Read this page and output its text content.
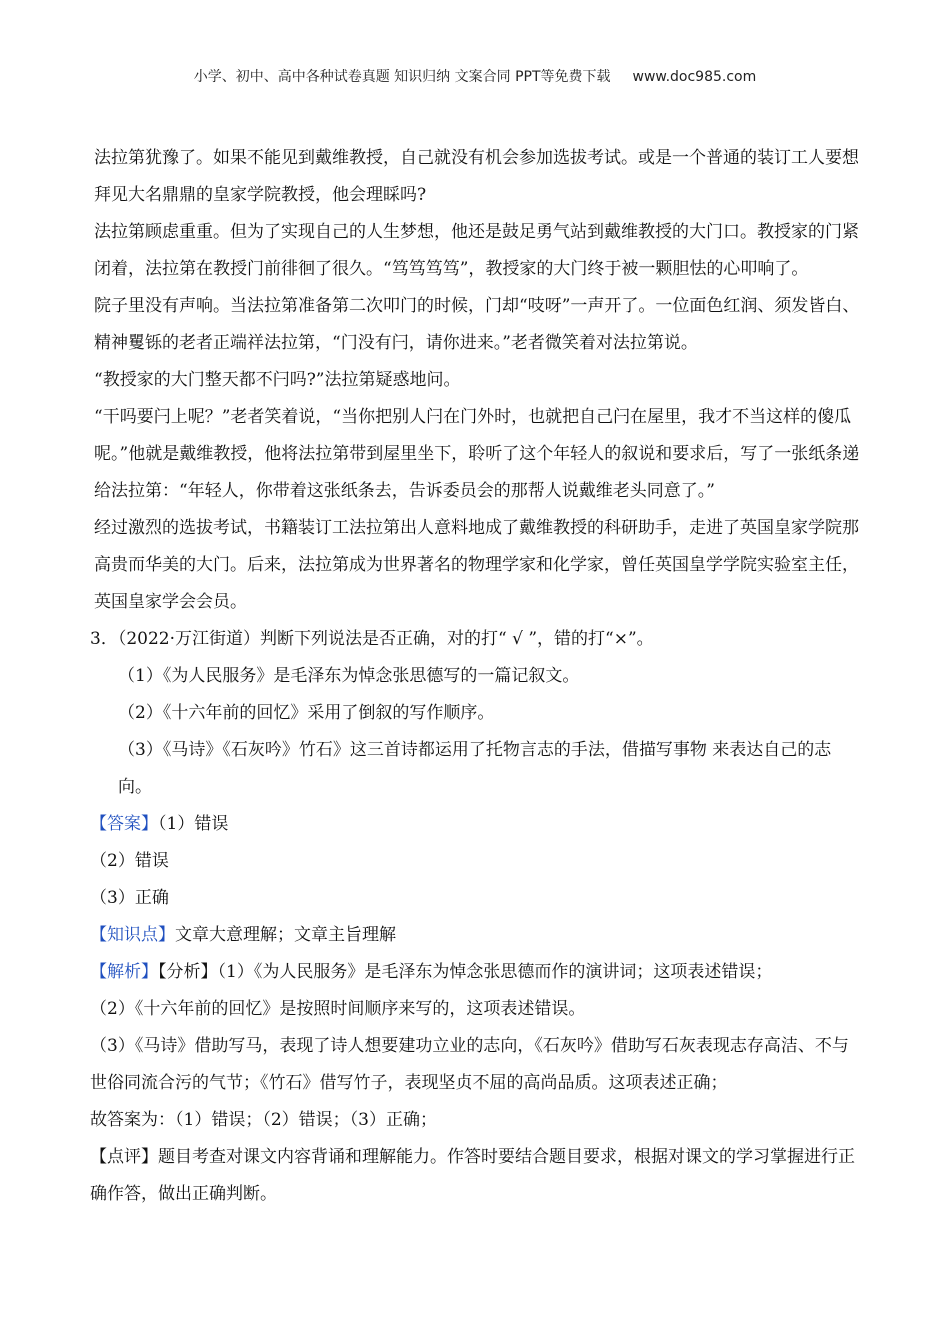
小学、初中、高中各种试卷真题 知识归纳 文案合同 PPT等免费下载 www.doc985.com

法拉第犹豫了。如果不能见到戴维教授，自己就没有机会参加选拔考试。或是一个普通的装订工人要想拜见大名鼎鼎的皇家学院教授，他会理睬吗?

法拉第顾虑重重。但为了实现自己的人生梦想，他还是鼓足勇气站到戴维教授的大门口。教授家的门紧闭着，法拉第在教授门前徘徊了很久。“笃笃笃笃”，教授家的大门终于被一颗胆怯的心叩响了。

院子里没有声响。当法拉第准备第二次叩门的时候，门却“吱呀”一声开了。一位面色红润、须发皆白、精神矍铄的老者正端祥法拉第，“门没有闩，请你进来。”老者微笑着对法拉第说。

“教授家的大门整天都不闩吗?”法拉第疑惑地问。

“干吗要闩上呢？”老者笑着说，“当你把别人闩在门外时，也就把自己闩在屋里，我才不当这样的傻瓜呢。”他就是戴维教授，他将法拉第带到屋里坐下，聆听了这个年轻人的叙说和要求后，写了一张纸条递给法拉第：“年轻人，你带着这张纸条去，告诉委员会的那帮人说戴维老头同意了。”

经过激烈的选拔考试，书籍装订工法拉第出人意料地成了戴维教授的科研助手，走进了英国皇家学院那高贵而华美的大门。后来，法拉第成为世界著名的物理学家和化学家，曾任英国皇学学院实验室主任，英国皇家学会会员。

3．（2022·万江街道）判断下列说法是否正确，对的打“ √ ”，错的打“×”。

（1）《为人民服务》是毛泽东为悼念张思德写的一篇记叙文。

（2）《十六年前的回忆》采用了倒叙的写作顺序。

（3）《马诗》《石灰吟》竹石》这三首诗都运用了托物言志的手法，借描写事物 来表达自己的志向。

【答案】（1）错误

（2）错误

（3）正确

【知识点】文章大意理解；文章主旨理解

【解析】【分析】（1）《为人民服务》是毛泽东为悼念张思德而作的演讲词；这项表述错误；

（2）《十六年前的回忆》是按照时间顺序来写的，这项表述错误。

（3）《马诗》借助写马，表现了诗人想要建功立业的志向，《石灰吟》借助写石灰表现志存高洁、不与世俗同流合污的气节；《竹石》借写竹子，表现坚贞不屈的高尚品质。这项表述正确；

故答案为：（1）错误；（2）错误；（3）正确；

【点评】题目考查对课文内容背诵和理解能力。作答时要结合题目要求，根据对课文的学习掌握进行正确作答，做出正确判断。
